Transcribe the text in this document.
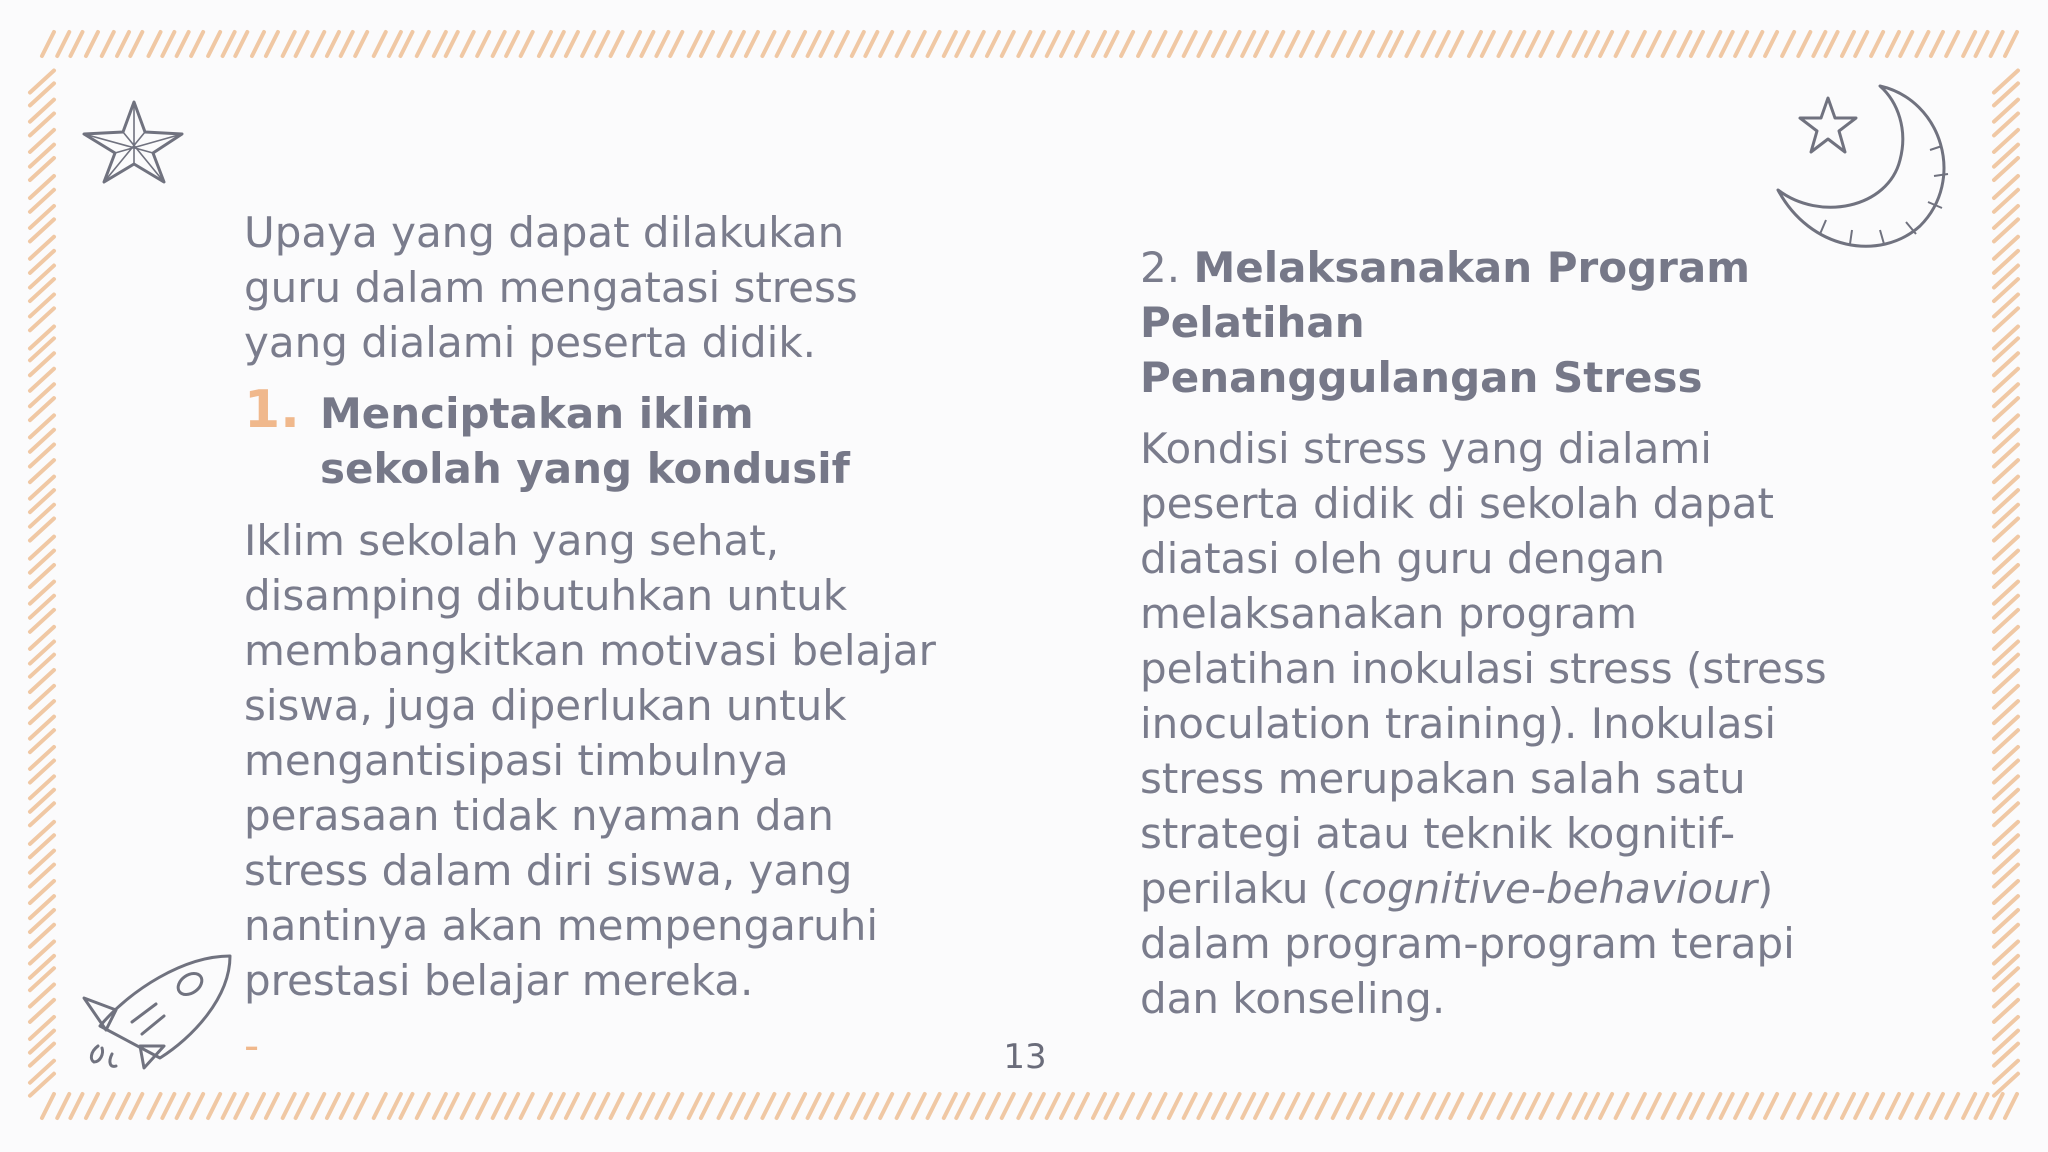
Upaya yang dapat dilakukan guru dalam mengatasi stress yang dialami peserta didik.
1. Menciptakan iklim sekolah yang kondusif
Iklim sekolah yang sehat, disamping dibutuhkan untuk membangkitkan motivasi belajar siswa, juga diperlukan untuk mengantisipasi timbulnya perasaan tidak nyaman dan stress dalam diri siswa, yang nantinya akan mempengaruhi prestasi belajar mereka.
-
2. Melaksanakan Program Pelatihan Penanggulangan Stress
Kondisi stress yang dialami peserta didik di sekolah dapat diatasi oleh guru dengan melaksanakan program pelatihan inokulasi stress (stress inoculation training). Inokulasi stress merupakan salah satu strategi atau teknik kognitif-perilaku (cognitive-behaviour) dalam program-program terapi dan konseling.
13
